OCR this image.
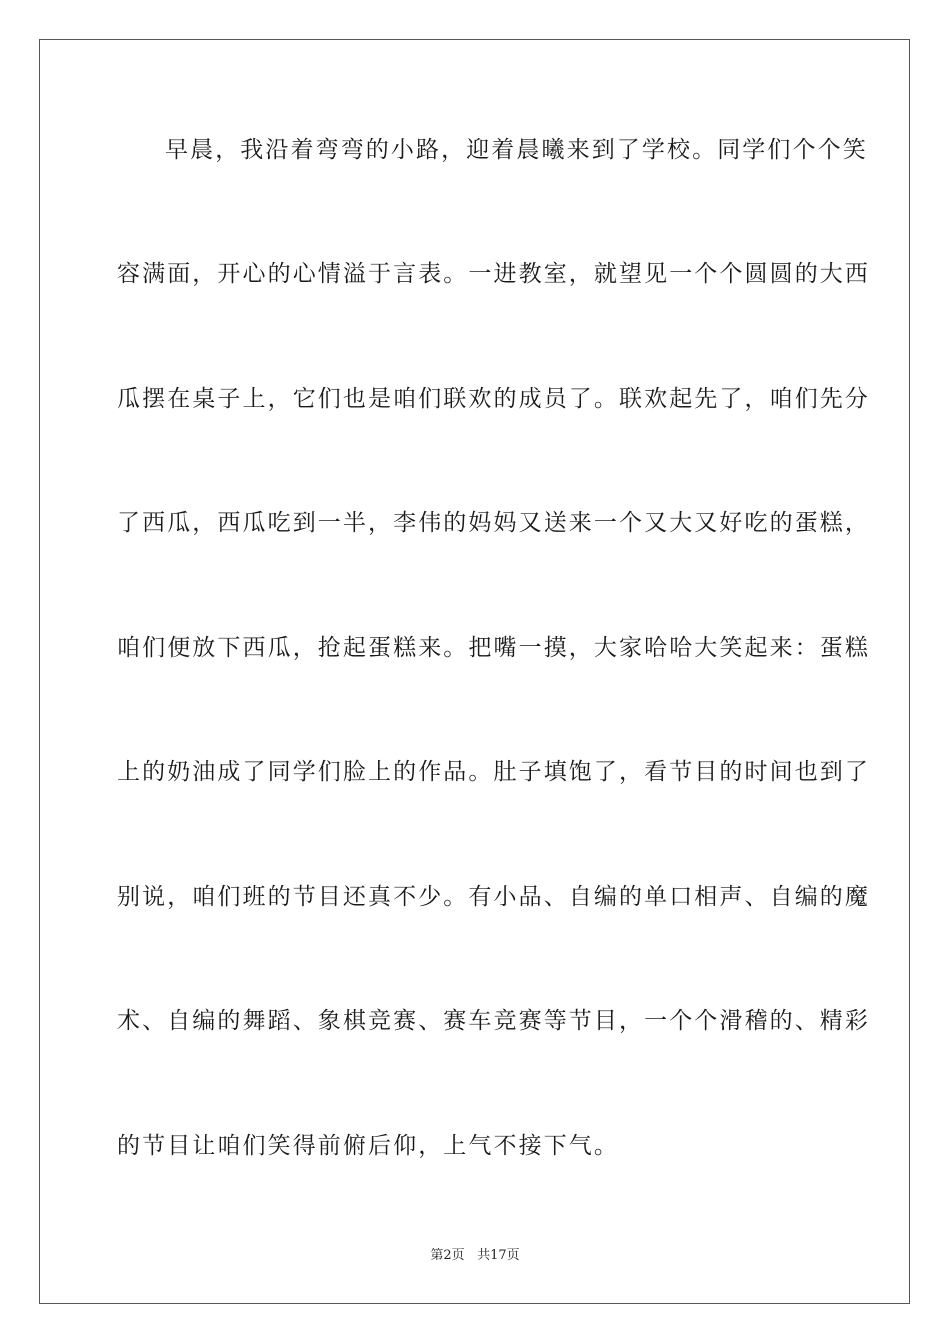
早晨，我沿着弯弯的小路，迎着晨曦来到了学校。同学们个个笑
容满面，开心的心情溢于言表。一进教室，就望见一个个圆圆的大西
瓜摆在桌子上，它们也是咱们联欢的成员了。联欢起先了，咱们先分
了西瓜，西瓜吃到一半，李伟的妈妈又送来一个又大又好吃的蛋糕，
咱们便放下西瓜，抢起蛋糕来。把嘴一摸，大家哈哈大笑起来：蛋糕
上的奶油成了同学们脸上的作品。肚子填饱了，看节目的时间也到了
别说，咱们班的节目还真不少。有小品、自编的单口相声、自编的魔
术、自编的舞蹈、象棋竞赛、赛车竞赛等节目，一个个滑稽的、精彩
的节目让咱们笑得前俯后仰，上气不接下气。
第2页 共17页
